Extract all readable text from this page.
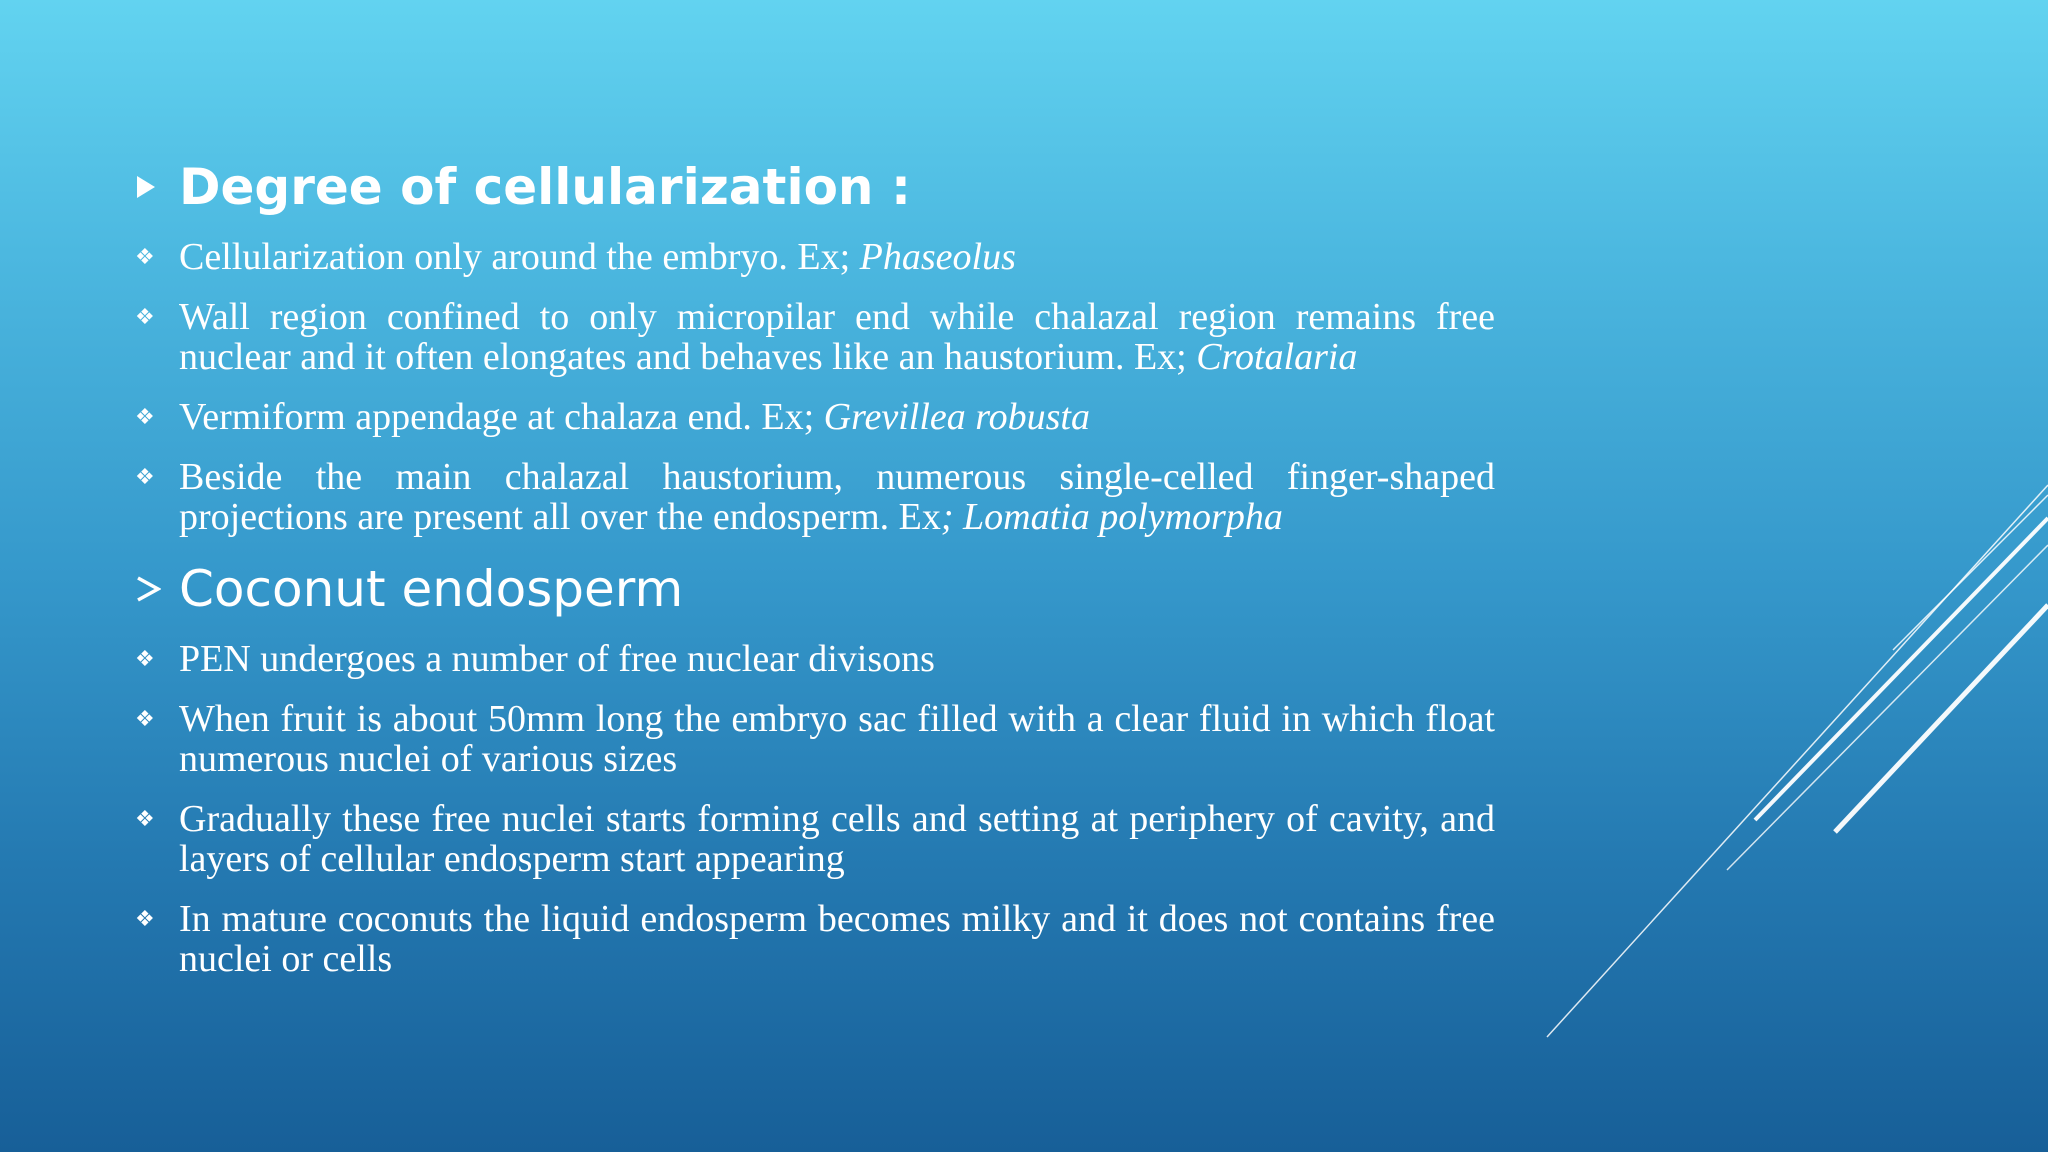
Degree of cellularization :
❖ Cellularization only around the embryo. Ex; Phaseolus
❖ Wall region confined to only micropilar end while chalazal region remains free nuclear and it often elongates and behaves like an haustorium. Ex; Crotalaria
❖ Vermiform appendage at chalaza end. Ex; Grevillea robusta
❖ Beside the main chalazal haustorium, numerous single-celled finger-shaped projections are present all over the endosperm. Ex; Lomatia polymorpha
Coconut endosperm
❖ PEN undergoes a number of free nuclear divisons
❖ When fruit is about 50mm long the embryo sac filled with a clear fluid in which float numerous nuclei of various sizes
❖ Gradually these free nuclei starts forming cells and setting at periphery of cavity, and layers of cellular endosperm start appearing
❖ In mature coconuts the liquid endosperm becomes milky and it does not contains free nuclei or cells
